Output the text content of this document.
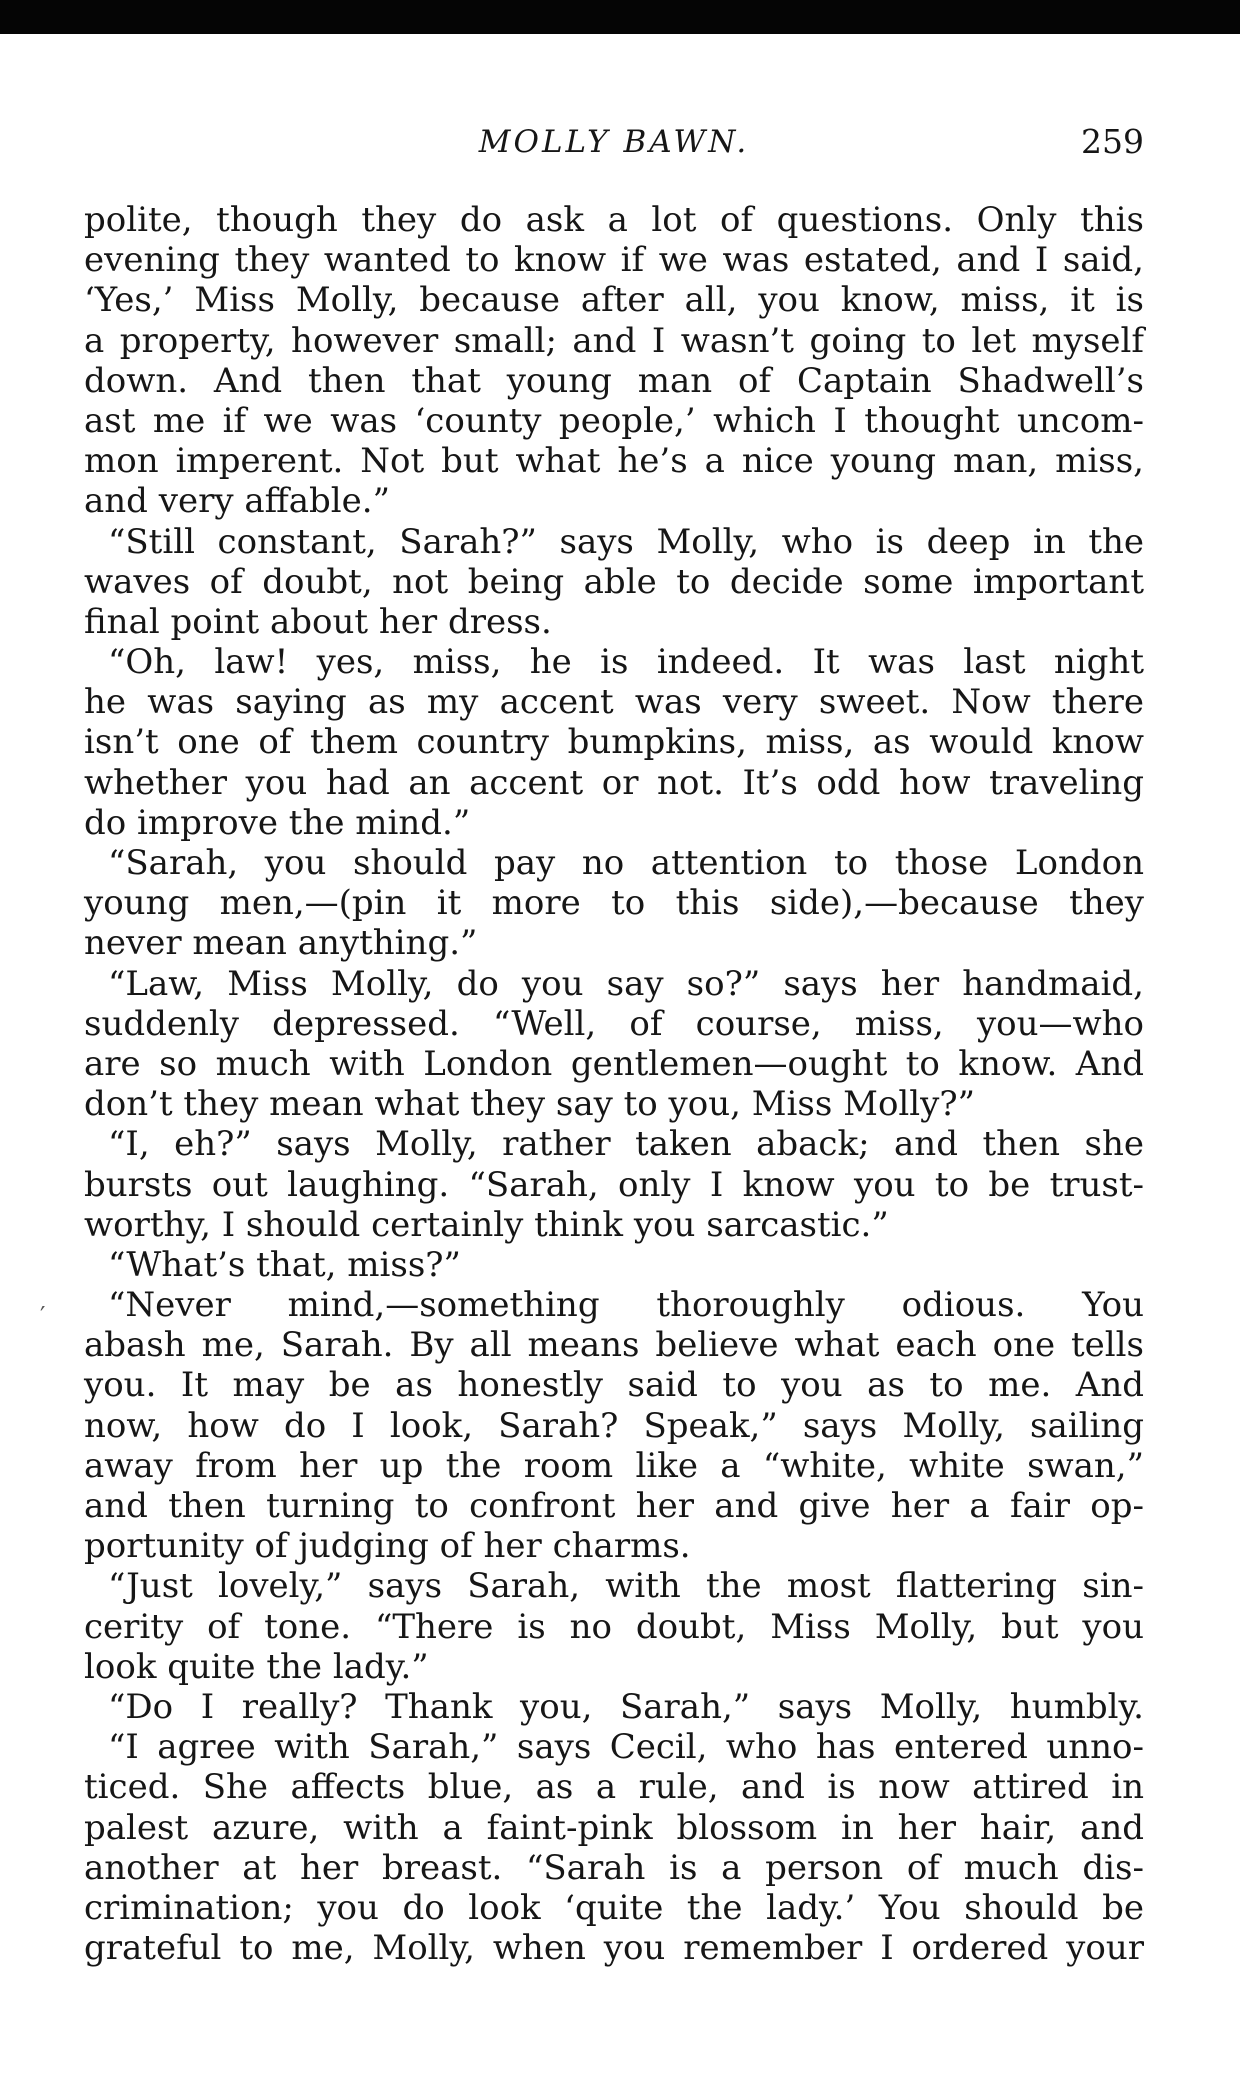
MOLLY BAWN.	259
polite, though they do ask a lot of questions. Only this
evening they wanted to know if we was estated, and I said,
‘Yes,’ Miss Molly, because after all, you know, miss, it is
a property, however small; and I wasn’t going to let myself
down. And then that young man of Captain Shadwell’s
ast me if we was ‘county people,’ which I thought uncom-
mon imperent. Not but what he’s a nice young man, miss,
and very affable.”
“Still constant, Sarah?” says Molly, who is deep in the
waves of doubt, not being able to decide some important
final point about her dress.
“Oh, law! yes, miss, he is indeed. It was last night
he was saying as my accent was very sweet. Now there
isn’t one of them country bumpkins, miss, as would know
whether you had an accent or not. It’s odd how traveling
do improve the mind.”
“Sarah, you should pay no attention to those London
young men,—(pin it more to this side),—because they
never mean anything.”
“Law, Miss Molly, do you say so?” says her handmaid,
suddenly depressed. “Well, of course, miss, you—who
are so much with London gentlemen—ought to know. And
don’t they mean what they say to you, Miss Molly?”
“I, eh?” says Molly, rather taken aback; and then she
bursts out laughing. “Sarah, only I know you to be trust-
worthy, I should certainly think you sarcastic.”
“What’s that, miss?”
“Never mind,—something thoroughly odious. You
abash me, Sarah. By all means believe what each one tells
you. It may be as honestly said to you as to me. And
now, how do I look, Sarah? Speak,” says Molly, sailing
away from her up the room like a “white, white swan,”
and then turning to confront her and give her a fair op-
portunity of judging of her charms.
“Just lovely,” says Sarah, with the most flattering sin-
cerity of tone. “There is no doubt, Miss Molly, but you
look quite the lady.”
“Do I really? Thank you, Sarah,” says Molly, humbly.
“I agree with Sarah,” says Cecil, who has entered unno-
ticed. She affects blue, as a rule, and is now attired in
palest azure, with a faint-pink blossom in her hair, and
another at her breast. “Sarah is a person of much dis-
crimination; you do look ‘quite the lady.’ You should be
grateful to me, Molly, when you remember I ordered your
′
